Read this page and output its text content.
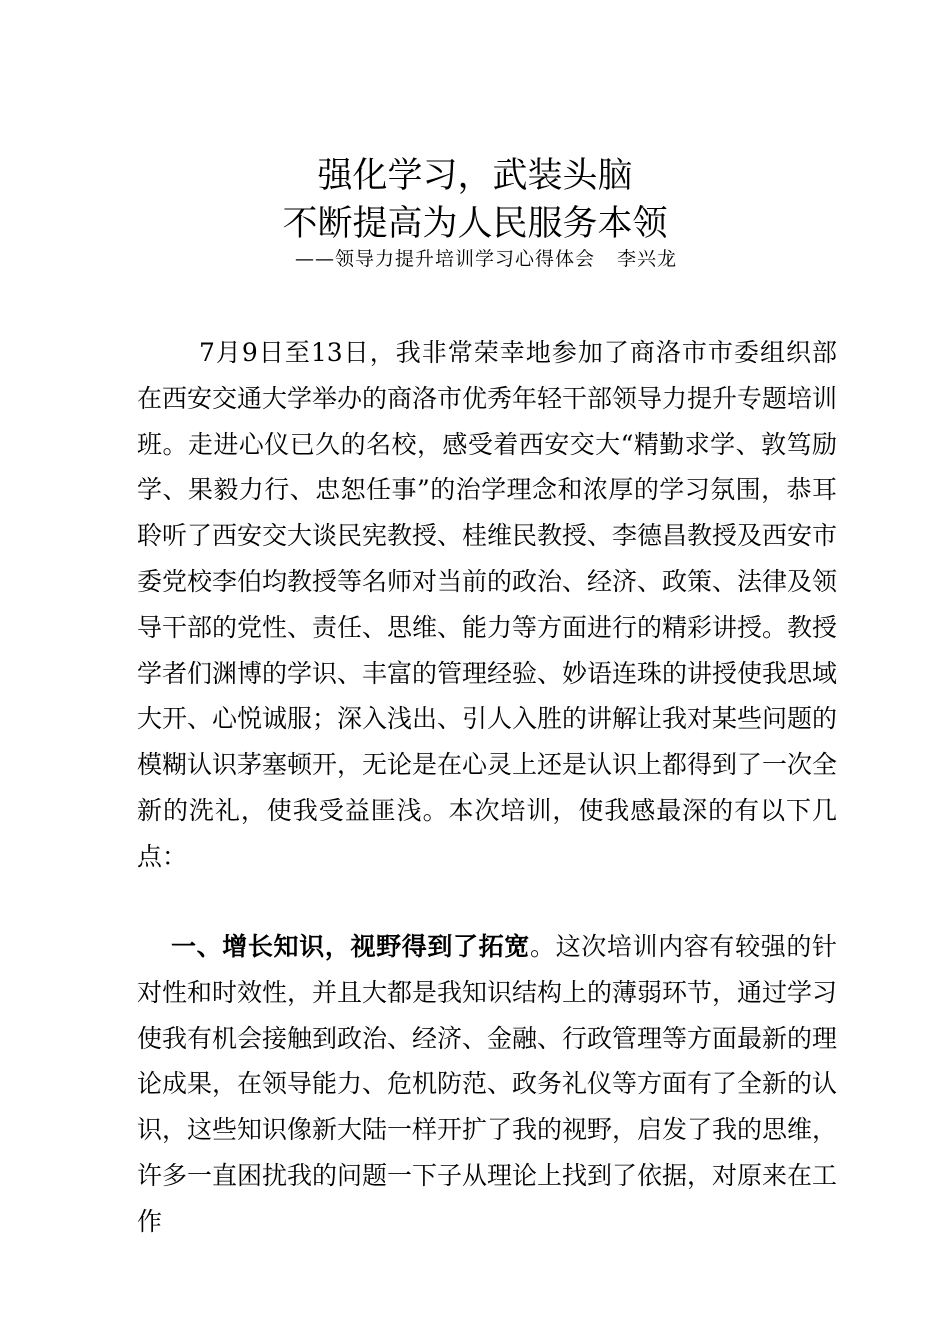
强化学习，武装头脑
不断提高为人民服务本领
——领导力提升培训学习心得体会 李兴龙

7月9日至13日，我非常荣幸地参加了商洛市市委组织部在西安交通大学举办的商洛市优秀年轻干部领导力提升专题培训班。走进心仪已久的名校，感受着西安交大“精勤求学、敦笃励学、果毅力行、忠恕任事”的治学理念和浓厚的学习氛围，恭耳聆听了西安交大谈民宪教授、桂维民教授、李德昌教授及西安市委党校李伯均教授等名师对当前的政治、经济、政策、法律及领导干部的党性、责任、思维、能力等方面进行的精彩讲授。教授学者们渊博的学识、丰富的管理经验、妙语连珠的讲授使我思域大开、心悦诚服；深入浅出、引人入胜的讲解让我对某些问题的模糊认识茅塞顿开，无论是在心灵上还是认识上都得到了一次全新的洗礼，使我受益匪浅。本次培训，使我感最深的有以下几点：

一、增长知识，视野得到了拓宽。这次培训内容有较强的针对性和时效性，并且大都是我知识结构上的薄弱环节，通过学习使我有机会接触到政治、经济、金融、行政管理等方面最新的理论成果，在领导能力、危机防范、政务礼仪等方面有了全新的认识，这些知识像新大陆一样开扩了我的视野，启发了我的思维，许多一直困扰我的问题一下子从理论上找到了依据，对原来在工作
